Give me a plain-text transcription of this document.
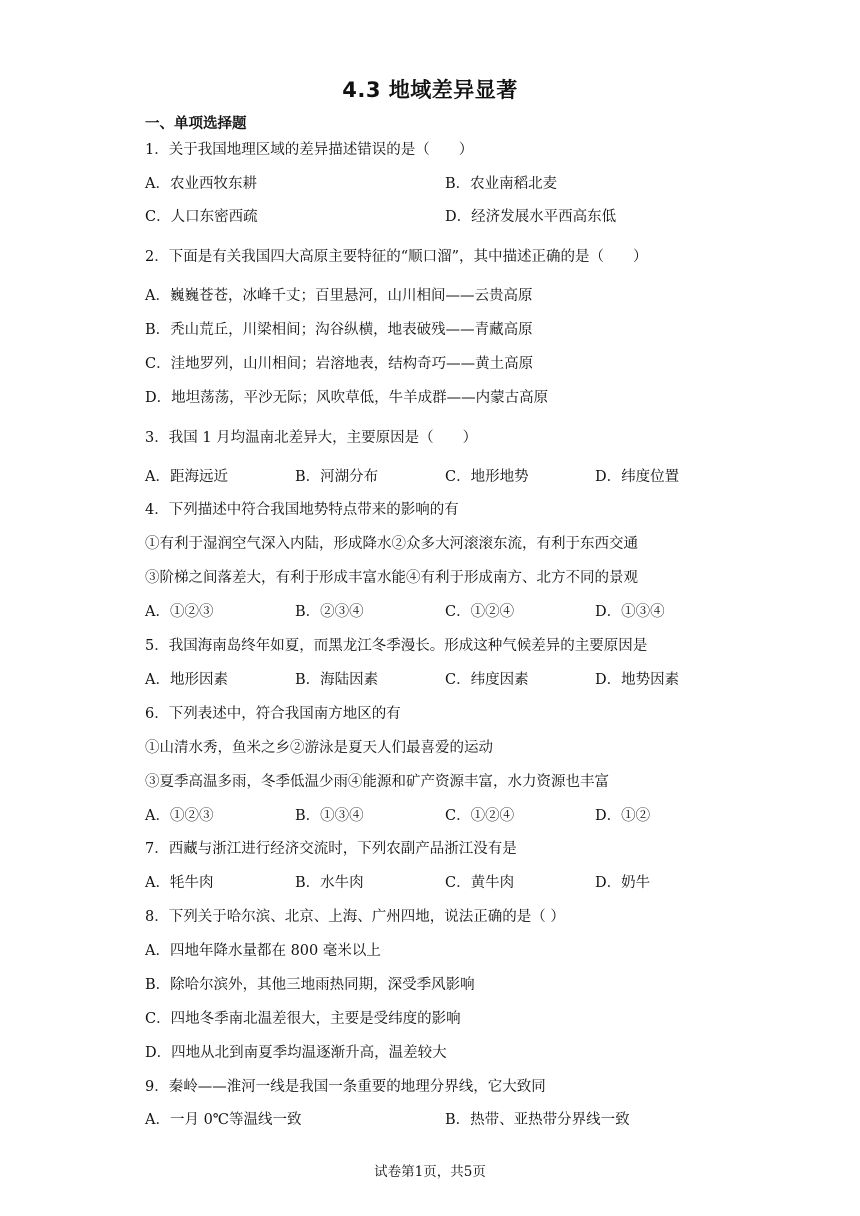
4.3 地域差异显著
一、单项选择题
1．关于我国地理区域的差异描述错误的是（　　）
A．农业西牧东耕	B．农业南稻北麦
C．人口东密西疏	D．经济发展水平西高东低
2．下面是有关我国四大高原主要特征的“顺口溜”，其中描述正确的是（　　）
A．巍巍苍苍，冰峰千丈；百里悬河，山川相间——云贵高原
B．秃山荒丘，川梁相间；沟谷纵横，地表破残——青藏高原
C．洼地罗列，山川相间；岩溶地表，结构奇巧——黄土高原
D．地坦荡荡，平沙无际；风吹草低，牛羊成群——内蒙古高原
3．我国 1 月均温南北差异大，主要原因是（　　）
A．距海远近	B．河湖分布	C．地形地势	D．纬度位置
4．下列描述中符合我国地势特点带来的影响的有
①有利于湿润空气深入内陆，形成降水②众多大河滚滚东流，有利于东西交通
③阶梯之间落差大，有利于形成丰富水能④有利于形成南方、北方不同的景观
A．①②③	B．②③④	C．①②④	D．①③④
5．我国海南岛终年如夏，而黑龙江冬季漫长。形成这种气候差异的主要原因是
A．地形因素	B．海陆因素	C．纬度因素	D．地势因素
6．下列表述中，符合我国南方地区的有
①山清水秀，鱼米之乡②游泳是夏天人们最喜爱的运动
③夏季高温多雨，冬季低温少雨④能源和矿产资源丰富，水力资源也丰富
A．①②③	B．①③④	C．①②④	D．①②
7．西藏与浙江进行经济交流时，下列农副产品浙江没有是
A．牦牛肉	B．水牛肉	C．黄牛肉	D．奶牛
8．下列关于哈尔滨、北京、上海、广州四地，说法正确的是（ ）
A．四地年降水量都在 800 毫米以上
B．除哈尔滨外，其他三地雨热同期，深受季风影响
C．四地冬季南北温差很大，主要是受纬度的影响
D．四地从北到南夏季均温逐渐升高，温差较大
9．秦岭——淮河一线是我国一条重要的地理分界线，它大致同
A．一月 0℃等温线一致	B．热带、亚热带分界线一致
试卷第1页，共5页
